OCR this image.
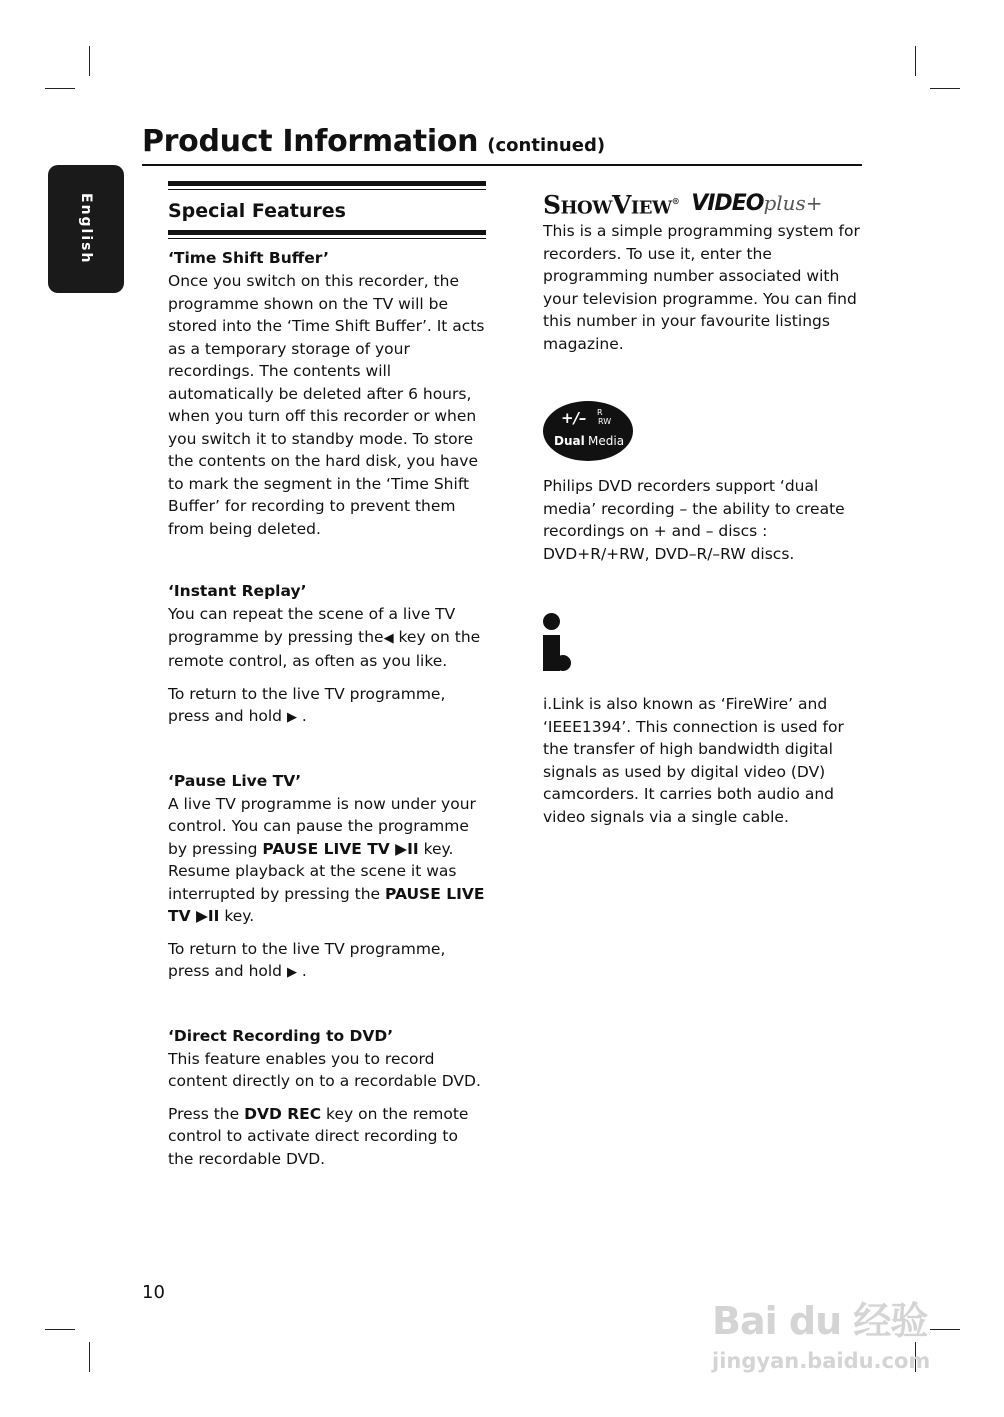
Product Information (continued)
English	Special Features
‘Time Shift Buffer’

Once you switch on this recorder, the programme shown on the TV will be stored into the ‘Time Shift Buffer’. It acts as a temporary storage of your recordings. The contents will automatically be deleted after 6 hours, when you turn off this recorder or when you switch it to standby mode. To store the contents on the hard disk, you have to mark the segment in the ‘Time Shift Buffer’ for recording to prevent them from being deleted.

‘Instant Replay’

You can repeat the scene of a live TV programme by pressing the◀ key on the remote control, as often as you like.

To return to the live TV programme, press and hold ▶ .

‘Pause Live TV’

A live TV programme is now under your control. You can pause the programme by pressing PAUSE LIVE TV ▶II key. Resume playback at the scene it was interrupted by pressing the PAUSE LIVE TV ▶II key.

To return to the live TV programme, press and hold ▶ .

‘Direct Recording to DVD’

This feature enables you to record content directly on to a recordable DVD.

Press the DVD REC key on the remote control to activate direct recording to the recordable DVD.

ShowView® VIDEOplus+

This is a simple programming system for recorders. To use it, enter the programming number associated with your television programme. You can find this number in your favourite listings magazine.

+/– R
RW
Dual Media

Philips DVD recorders support ‘dual media’ recording – the ability to create recordings on + and – discs : DVD+R/+RW, DVD–R/–RW discs.

i.Link is also known as ‘FireWire’ and ‘IEEE1394’. This connection is used for the transfer of high bandwidth digital signals as used by digital video (DV) camcorders. It carries both audio and video signals via a single cable.

10
Bai du 经验
jingyan.baidu.com
